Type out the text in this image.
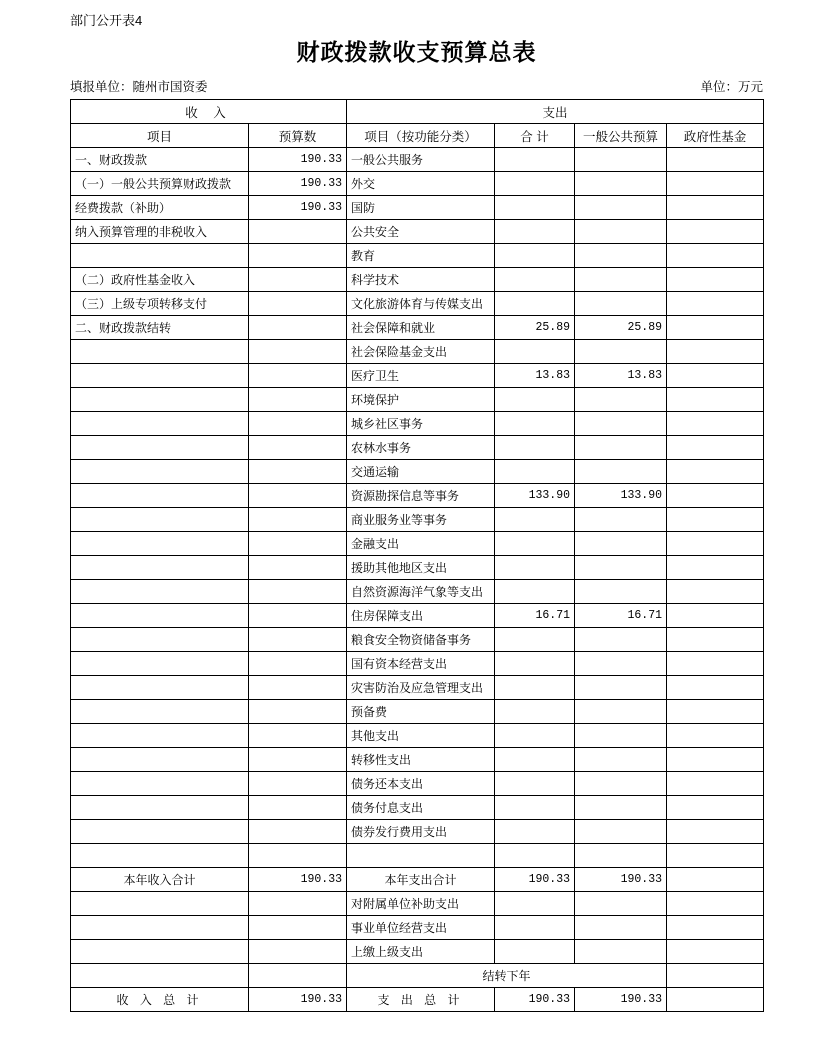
部门公开表4
财政拨款收支预算总表
填报单位：随州市国资委	单位：万元
收 入		支出			
项目	预算数	项目（按功能分类）	合 计	一般公共预算	政府性基金
一、财政拨款	190.33	一般公共服务			
（一）一般公共预算财政拨款	190.33	外交			
经费拨款（补助）	190.33	国防			
纳入预算管理的非税收入		公共安全			
		教育			
（二）政府性基金收入		科学技术			
（三）上级专项转移支付		文化旅游体育与传媒支出			
二、财政拨款结转		社会保障和就业	25.89	25.89	
		社会保险基金支出			
		医疗卫生	13.83	13.83	
		环境保护			
		城乡社区事务			
		农林水事务			
		交通运输			
		资源勘探信息等事务	133.90	133.90	
		商业服务业等事务			
		金融支出			
		援助其他地区支出			
		自然资源海洋气象等支出			
		住房保障支出	16.71	16.71	
		粮食安全物资储备事务			
		国有资本经营支出			
		灾害防治及应急管理支出			
		预备费			
		其他支出			
		转移性支出			
		债务还本支出			
		债务付息支出			
		债券发行费用支出			

本年收入合计	190.33	本年支出合计	190.33	190.33	
		对附属单位补助支出			
		事业单位经营支出			
		上缴上级支出			
		结转下年			
收 入 总 计	190.33	支 出 总 计	190.33	190.33	
